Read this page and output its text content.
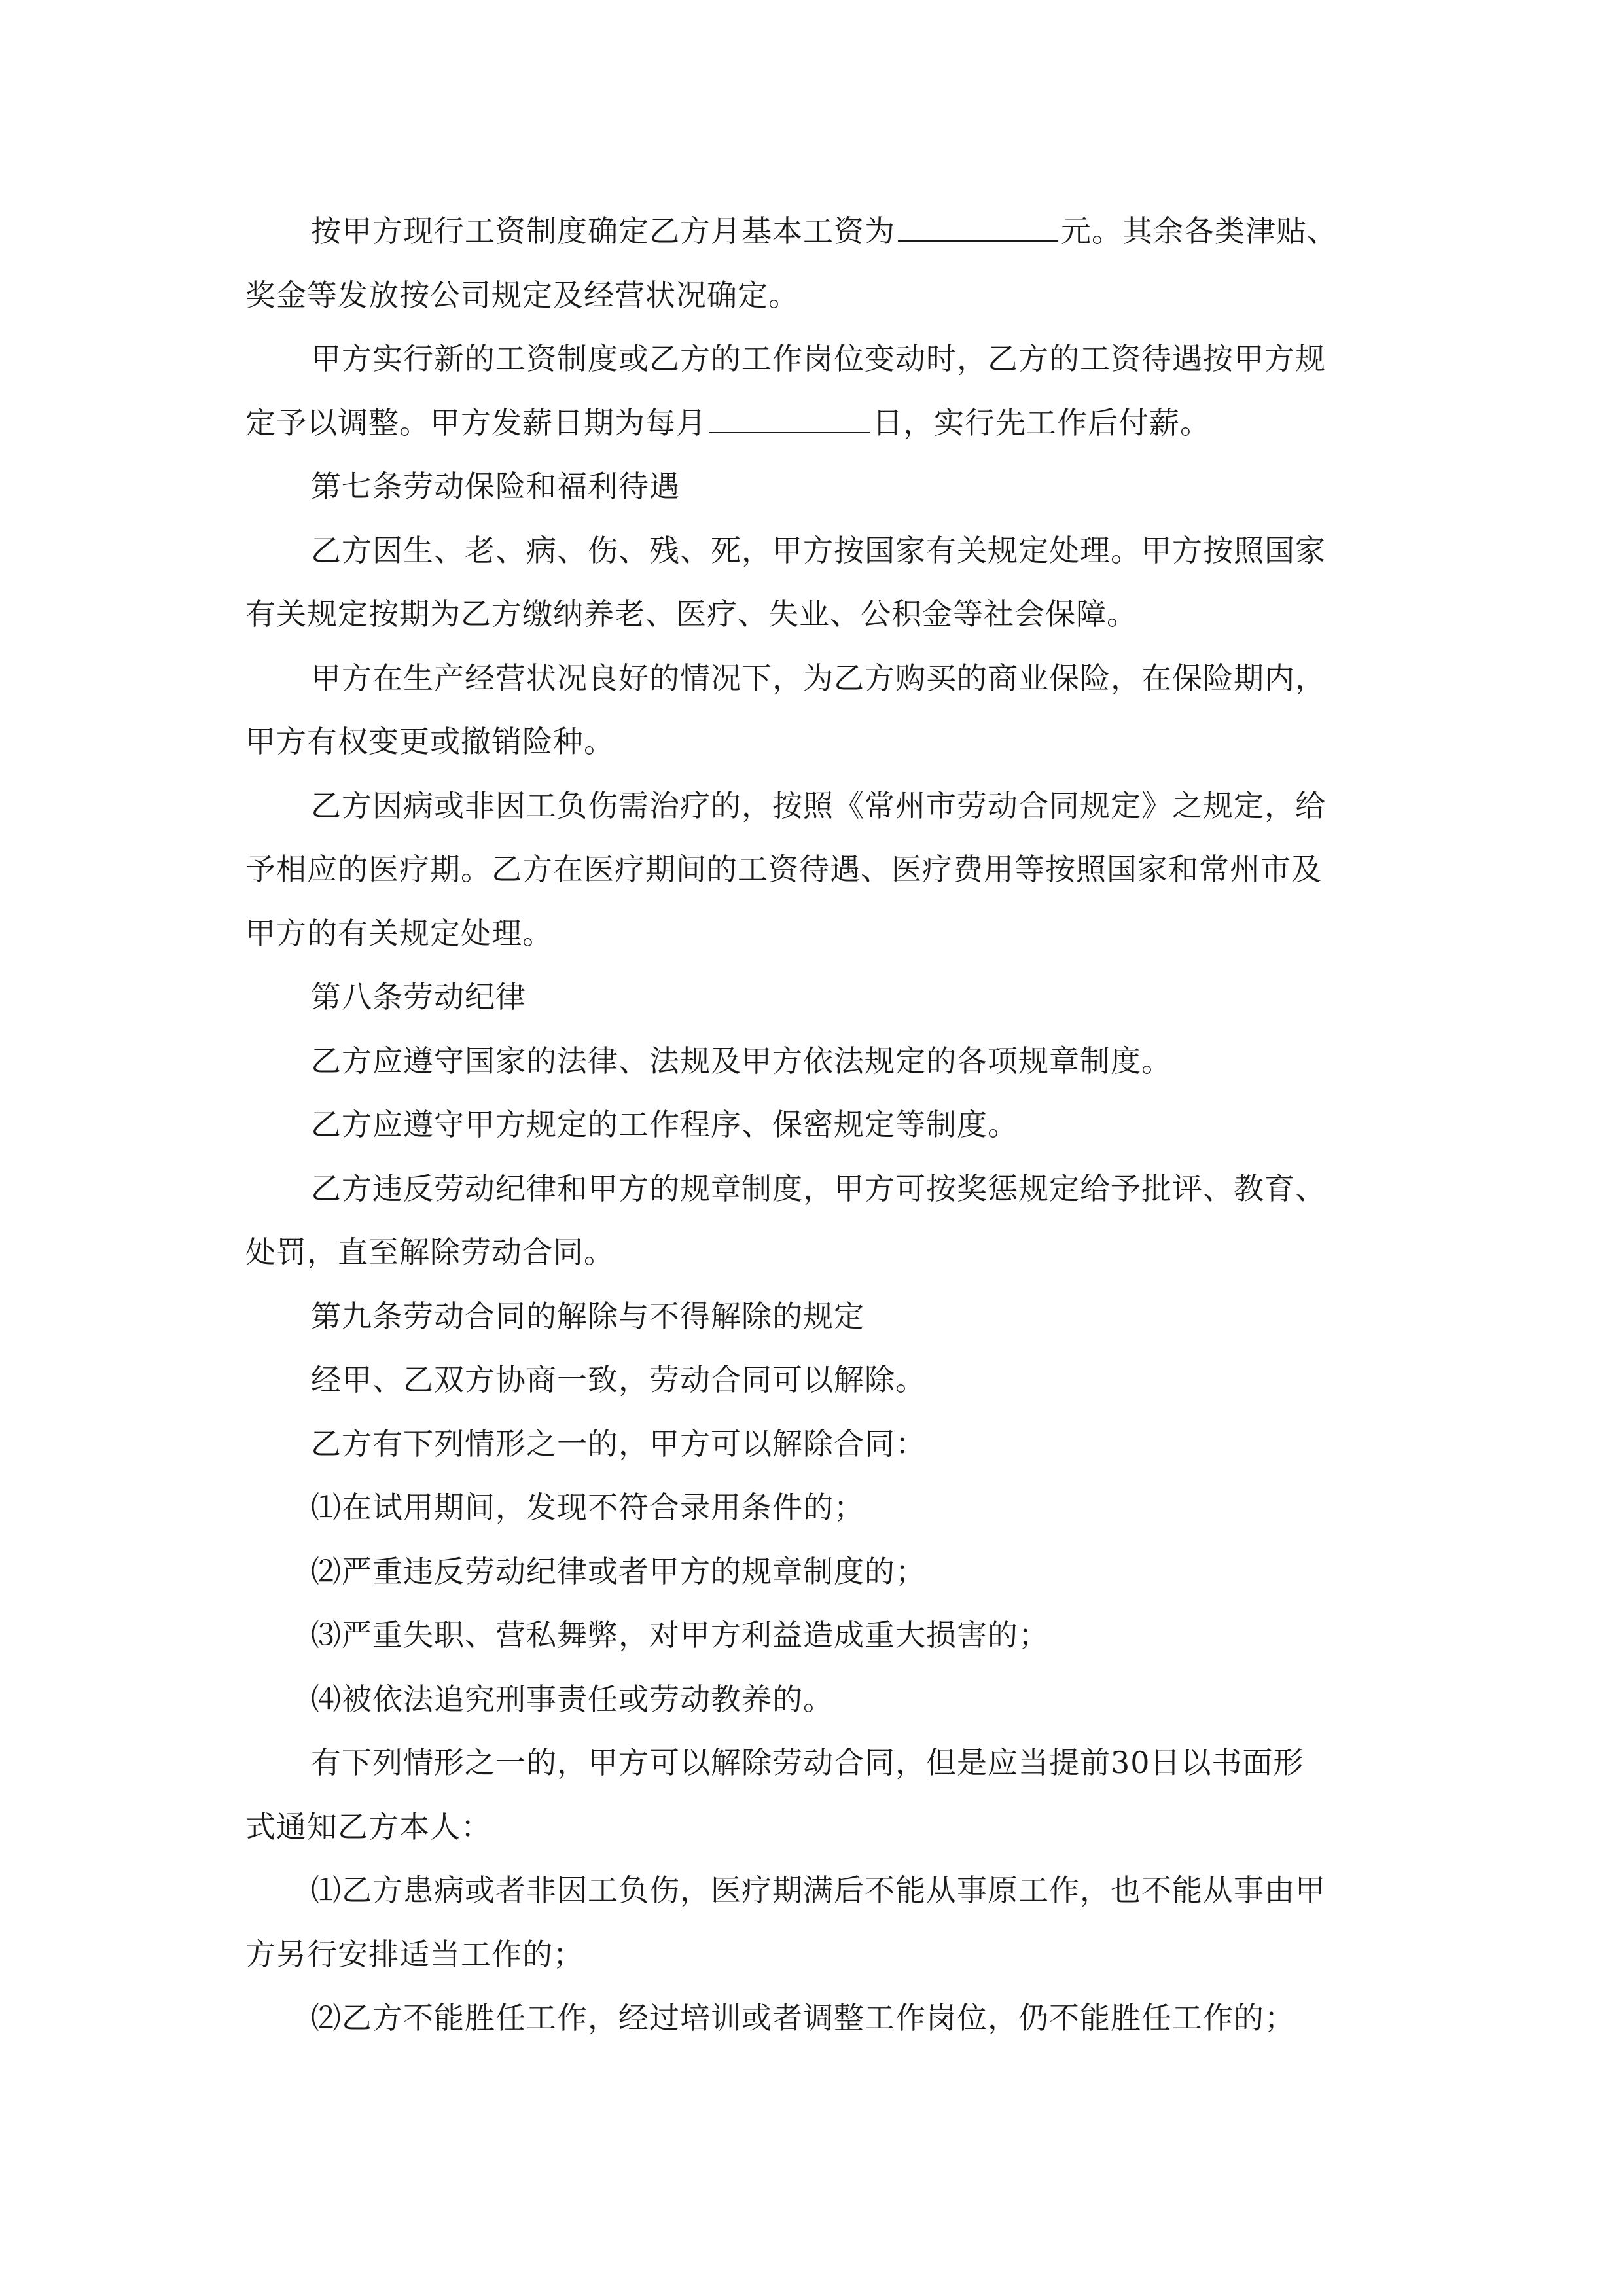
按甲方现行工资制度确定乙方月基本工资为	元。其余各类津贴、
奖金等发放按公司规定及经营状况确定。
甲方实行新的工资制度或乙方的工作岗位变动时，乙方的工资待遇按甲方规
定予以调整。甲方发薪日期为每月	日，实行先工作后付薪。
第七条劳动保险和福利待遇
乙方因生、老、病、伤、残、死，甲方按国家有关规定处理。甲方按照国家
有关规定按期为乙方缴纳养老、医疗、失业、公积金等社会保障。
甲方在生产经营状况良好的情况下，为乙方购买的商业保险，在保险期内，
甲方有权变更或撤销险种。
乙方因病或非因工负伤需治疗的，按照《常州市劳动合同规定》之规定，给
予相应的医疗期。乙方在医疗期间的工资待遇、医疗费用等按照国家和常州市及
甲方的有关规定处理。
第八条劳动纪律
乙方应遵守国家的法律、法规及甲方依法规定的各项规章制度。
乙方应遵守甲方规定的工作程序、保密规定等制度。
乙方违反劳动纪律和甲方的规章制度，甲方可按奖惩规定给予批评、教育、
处罚，直至解除劳动合同。
第九条劳动合同的解除与不得解除的规定
经甲、乙双方协商一致，劳动合同可以解除。
乙方有下列情形之一的，甲方可以解除合同：
⑴在试用期间，发现不符合录用条件的；
⑵严重违反劳动纪律或者甲方的规章制度的；
⑶严重失职、营私舞弊，对甲方利益造成重大损害的；
⑷被依法追究刑事责任或劳动教养的。
有下列情形之一的，甲方可以解除劳动合同，但是应当提前30日以书面形
式通知乙方本人：
⑴乙方患病或者非因工负伤，医疗期满后不能从事原工作，也不能从事由甲
方另行安排适当工作的；
⑵乙方不能胜任工作，经过培训或者调整工作岗位，仍不能胜任工作的；
